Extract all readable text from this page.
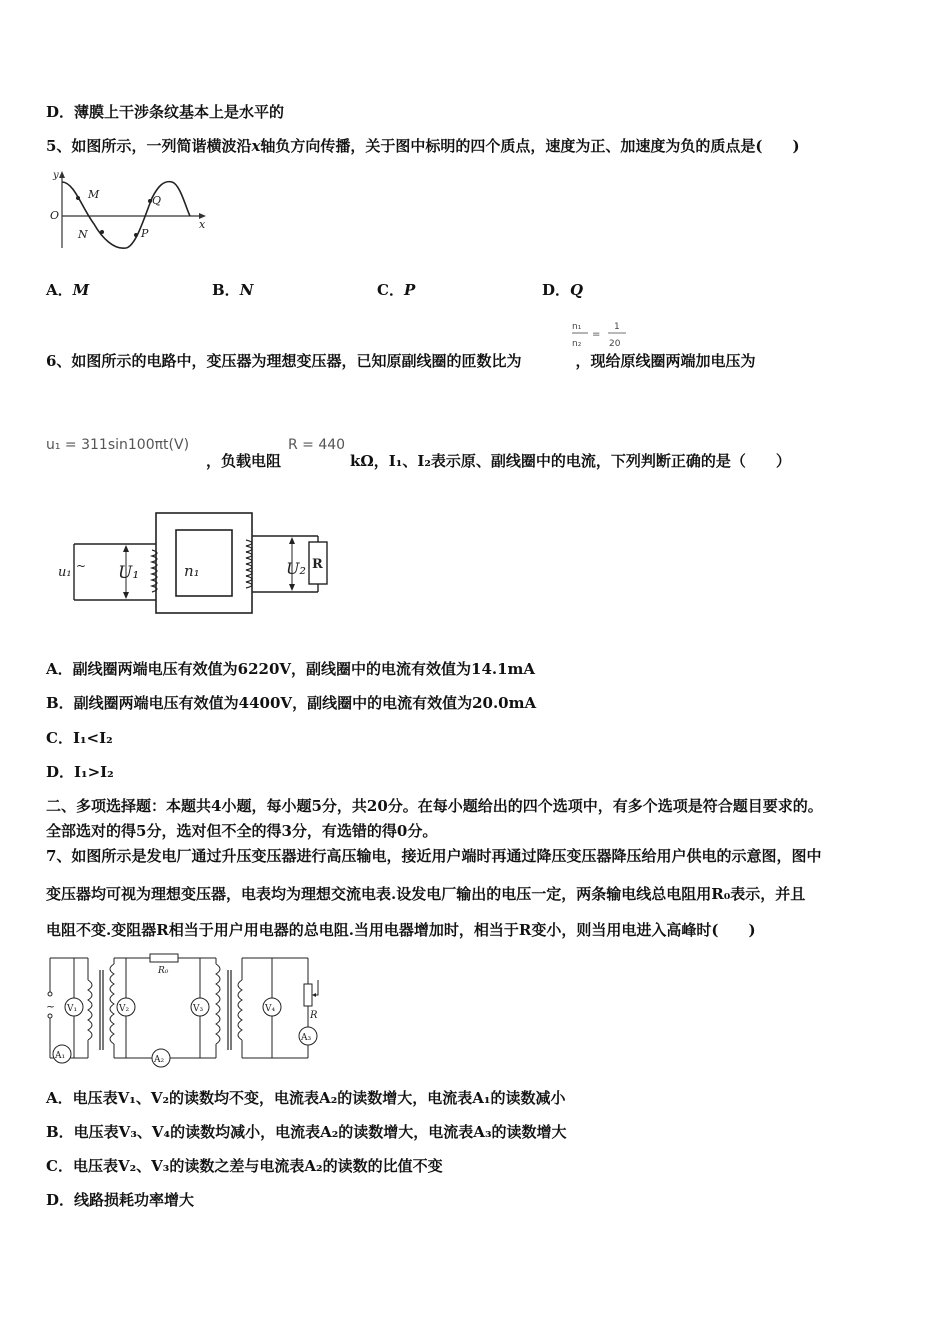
D．薄膜上干涉条纹基本上是水平的
5、如图所示，一列简谐横波沿x轴负方向传播，关于图中标明的四个质点，速度为正、加速度为负的质点是(　　)
y
O
x
M
N	P
Q
A．M	B．N	C．P	D．Q
n₁
n₂
=
1
20
6、如图所示的电路中，变压器为理想变压器，已知原副线圈的匝数比为	，现给原线圈两端加电压为
u₁ = 311sin100πt(V)
，负载电阻
R = 440
kΩ，I₁、I₂表示原、副线圈中的电流，下列判断正确的是（　　）
u₁ ~ U₁	n₁	U₂ R
A．副线圈两端电压有效值为6220V，副线圈中的电流有效值为14.1mA
B．副线圈两端电压有效值为4400V，副线圈中的电流有效值为20.0mA
C．I₁<I₂
D．I₁>I₂
二、多项选择题：本题共4小题，每小题5分，共20分。在每小题给出的四个选项中，有多个选项是符合题目要求的。
全部选对的得5分，选对但不全的得3分，有选错的得0分。
7、如图所示是发电厂通过升压变压器进行高压输电，接近用户端时再通过降压变压器降压给用户供电的示意图，图中
变压器均可视为理想变压器，电表均为理想交流电表.设发电厂输出的电压一定，两条输电线总电阻用R₀表示，并且
电阻不变.变阻器R相当于用户用电器的总电阻.当用电器增加时，相当于R变小，则当用电进入高峰时(　　)
~ V₁
A₁
R₀
A₂
V₂	V₃	V₄
R
A₃
A．电压表V₁、V₂的读数均不变，电流表A₂的读数增大，电流表A₁的读数减小
B．电压表V₃、V₄的读数均减小，电流表A₂的读数增大，电流表A₃的读数增大
C．电压表V₂、V₃的读数之差与电流表A₂的读数的比值不变
D．线路损耗功率增大
